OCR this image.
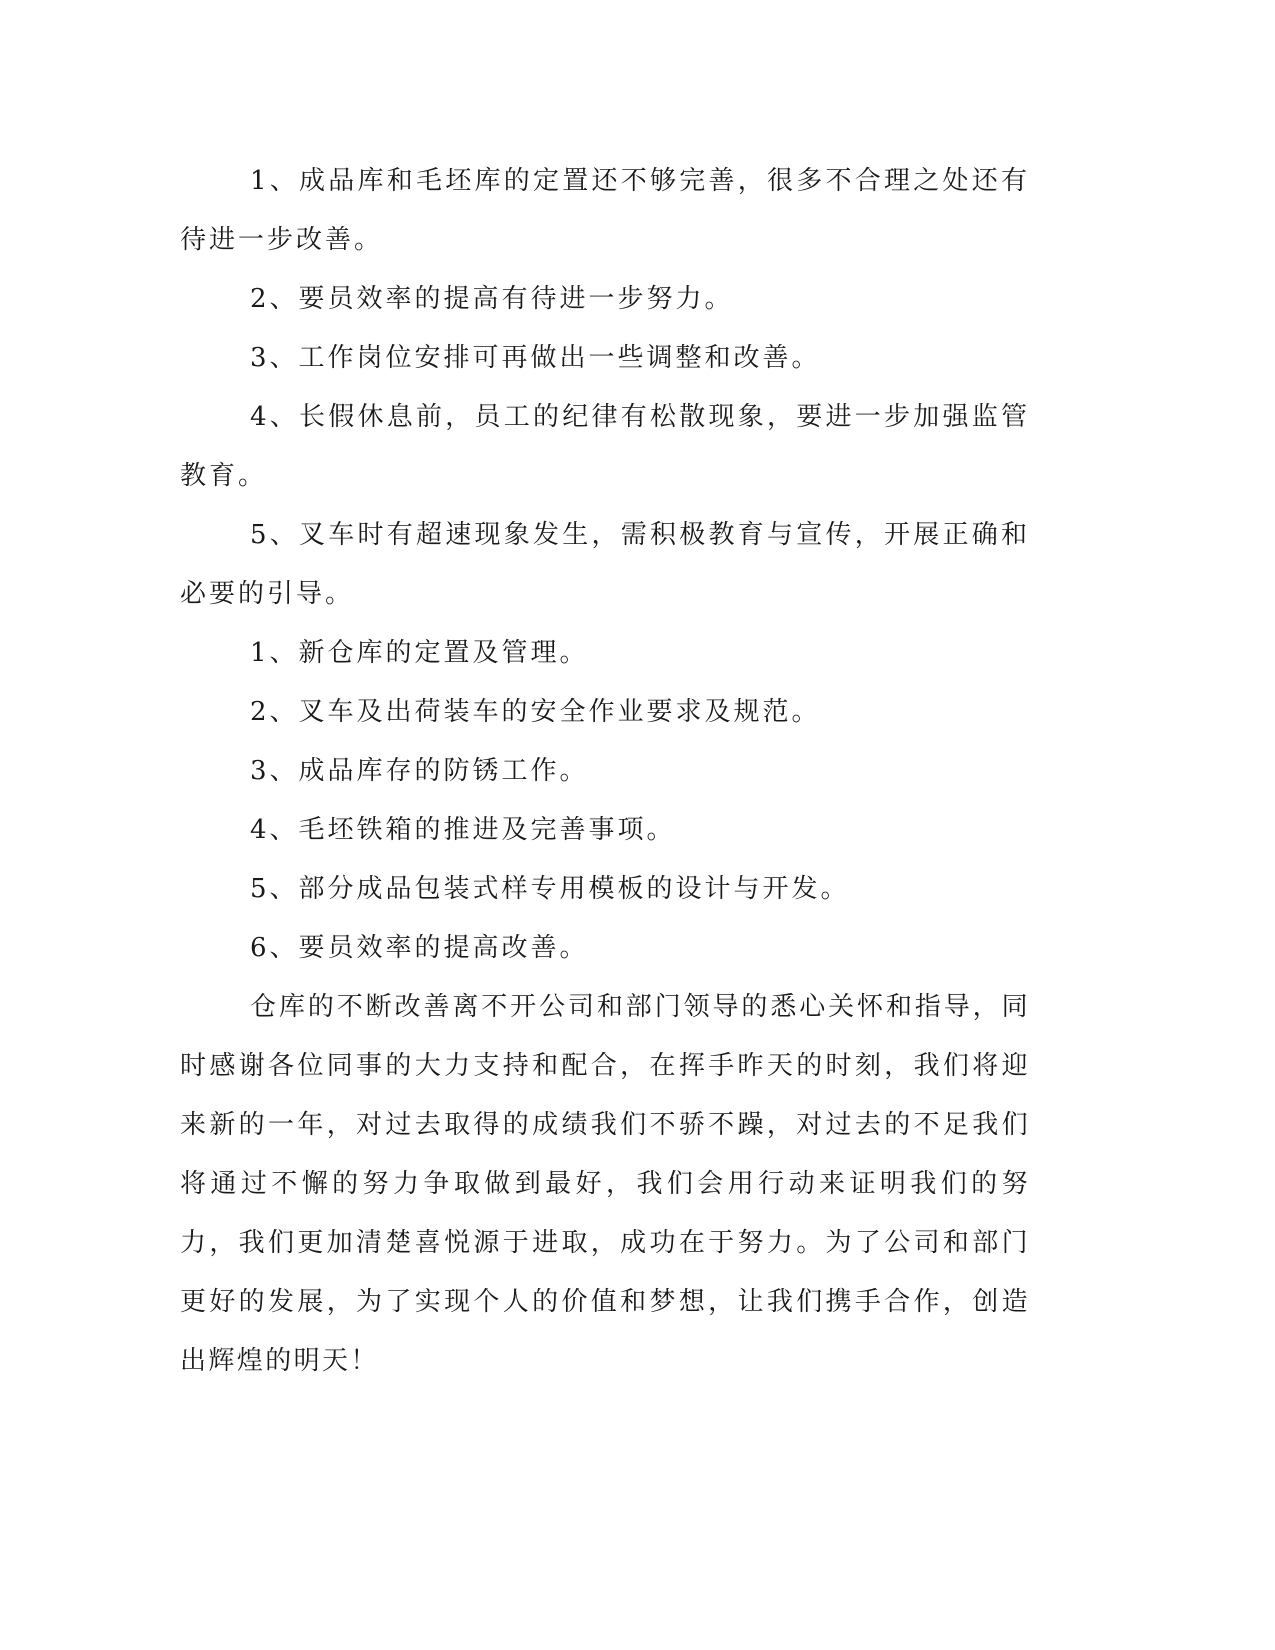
1、成品库和毛坯库的定置还不够完善，很多不合理之处还有待进一步改善。

2、要员效率的提高有待进一步努力。

3、工作岗位安排可再做出一些调整和改善。

4、长假休息前，员工的纪律有松散现象，要进一步加强监管教育。

5、叉车时有超速现象发生，需积极教育与宣传，开展正确和必要的引导。

1、新仓库的定置及管理。

2、叉车及出荷装车的安全作业要求及规范。

3、成品库存的防锈工作。

4、毛坯铁箱的推进及完善事项。

5、部分成品包装式样专用模板的设计与开发。

6、要员效率的提高改善。

仓库的不断改善离不开公司和部门领导的悉心关怀和指导，同时感谢各位同事的大力支持和配合，在挥手昨天的时刻，我们将迎来新的一年，对过去取得的成绩我们不骄不躁，对过去的不足我们将通过不懈的努力争取做到最好，我们会用行动来证明我们的努力，我们更加清楚喜悦源于进取，成功在于努力。为了公司和部门更好的发展，为了实现个人的价值和梦想，让我们携手合作，创造出辉煌的明天！
